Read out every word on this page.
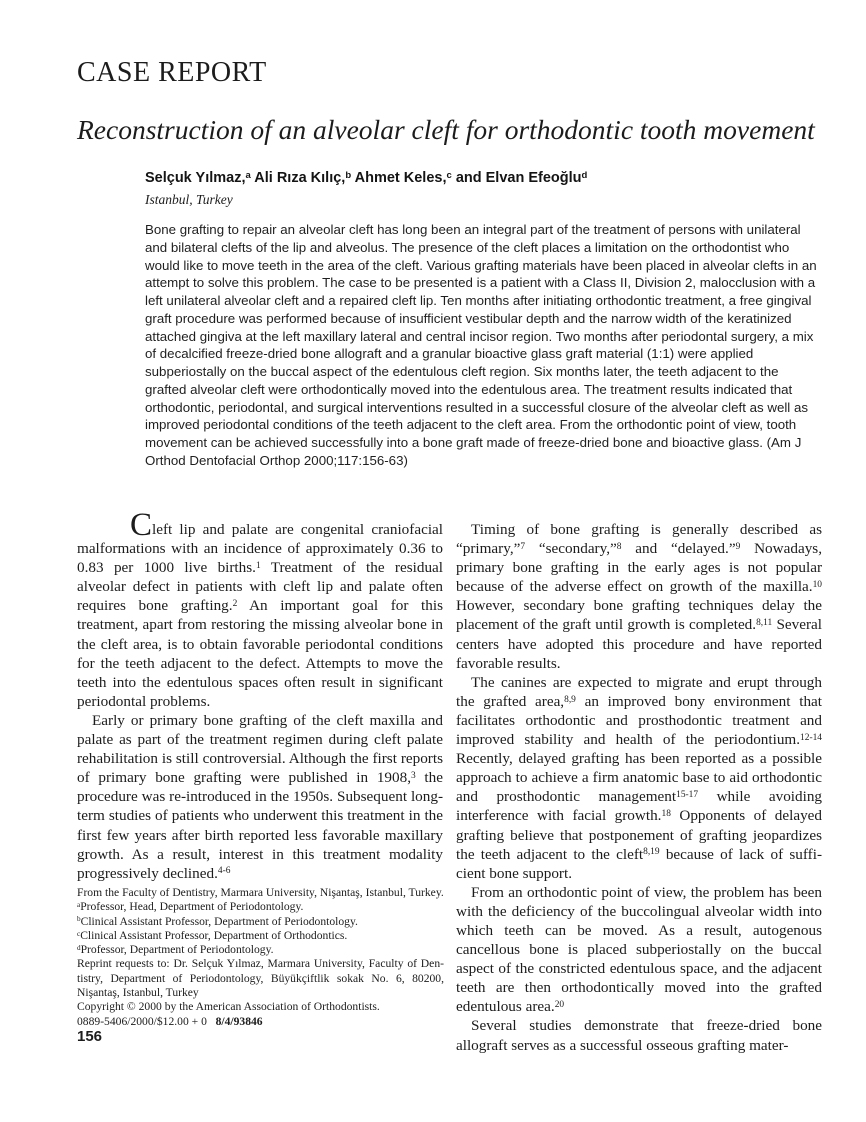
CASE REPORT
Reconstruction of an alveolar cleft for orthodontic tooth movement

Selçuk Yılmaz,$^a$ Ali Rıza Kılıç,$^b$ Ahmet Keles,$^c$ and Elvan Efeoğlu$^d$

Istanbul, Turkey

Bone grafting to repair an alveolar cleft has long been an integral part of the treatment of persons with unilateral and bilateral clefts of the lip and alveolus. The presence of the cleft places a limitation on the orthodontist who would like to move teeth in the area of the cleft. Various grafting materials have been placed in alveolar clefts in an attempt to solve this problem. The case to be presented is a patient with a Class II, Division 2, malocclusion with a left unilateral alveolar cleft and a repaired cleft lip. Ten months after initiating orthodontic treatment, a free gingival graft procedure was performed because of insufficient vestibular depth and the narrow width of the keratinized attached gingiva at the left maxillary lateral and central incisor region. Two months after periodontal surgery, a mix of decalcified freeze-dried bone allograft and a granular bioactive glass graft material (1:1) were applied subperiostally on the buccal aspect of the edentulous cleft region. Six months later, the teeth adjacent to the grafted alveolar cleft were orthodontically moved into the edentulous area. The treatment results indicated that orthodontic, periodontal, and surgical interventions resulted in a successful closure of the alveolar cleft as well as improved periodontal conditions of the teeth adjacent to the cleft area. From the orthodontic point of view, tooth movement can be achieved successfully into a bone graft made of freeze-dried bone and bioactive glass. (Am J Orthod Dentofacial Orthop 2000;117:156-63)

Cleft lip and palate are congenital craniofacial malformations with an incidence of approximately 0.36 to 0.83 per 1000 live births.$^1$ Treatment of the residual alveolar defect in patients with cleft lip and palate often requires bone grafting.$^2$ An important goal for this treatment, apart from restoring the missing alveolar bone in the cleft area, is to obtain favorable periodontal conditions for the teeth adjacent to the defect. Attempts to move the teeth into the edentulous spaces often result in significant periodontal problems.

Early or primary bone grafting of the cleft maxilla and palate as part of the treatment regimen during cleft palate rehabilitation is still controversial. Although the first reports of primary bone grafting were published in 1908,$^3$ the procedure was re-introduced in the 1950s. Subsequent long-term studies of patients who underwent this treatment in the first few years after birth reported less favorable maxillary growth. As a result, interest in this treatment modality progressively declined.$^{4-6}$

Timing of bone grafting is generally described as “primary,”$^7$ “secondary,”$^8$ and “delayed.”$^9$ Nowadays, primary bone grafting in the early ages is not popular because of the adverse effect on growth of the maxilla.$^{10}$ However, secondary bone grafting techniques delay the placement of the graft until growth is completed.$^{8,11}$ Several centers have adopted this procedure and have reported favorable results.

The canines are expected to migrate and erupt through the grafted area,$^{8,9}$ an improved bony environment that facilitates orthodontic and prosthodontic treatment and improved stability and health of the periodontium.$^{12-14}$ Recently, delayed grafting has been reported as a possible approach to achieve a firm anatomic base to aid orthodontic and prosthodontic management$^{15-17}$ while avoiding interference with facial growth.$^{18}$ Opponents of delayed grafting believe that postponement of grafting jeopardizes the teeth adjacent to the cleft$^{8,19}$ because of lack of sufficient bone support.

From an orthodontic point of view, the problem has been with the deficiency of the buccolingual alveolar width into which teeth can be moved. As a result, autogenous cancellous bone is placed subperiostally on the buccal aspect of the constricted edentulous space, and the adjacent teeth are then orthodontically moved into the grafted edentulous area.$^{20}$

Several studies demonstrate that freeze-dried bone allograft serves as a successful osseous grafting mater-

From the Faculty of Dentistry, Marmara University, Nişantaş, Istanbul, Turkey.

$^a$Professor, Head, Department of Periodontology.

$^b$Clinical Assistant Professor, Department of Periodontology.

$^c$Clinical Assistant Professor, Department of Orthodontics.

$^d$Professor, Department of Periodontology.

Reprint requests to: Dr. Selçuk Yılmaz, Marmara University, Faculty of Dentistry, Department of Periodontology, Büyükçiftlik sokak No. 6, 80200, Nişantaş, Istanbul, Turkey

Copyright © 2000 by the American Association of Orthodontists.

0889-5406/2000/$12.00 + 0   8/4/93846

156
